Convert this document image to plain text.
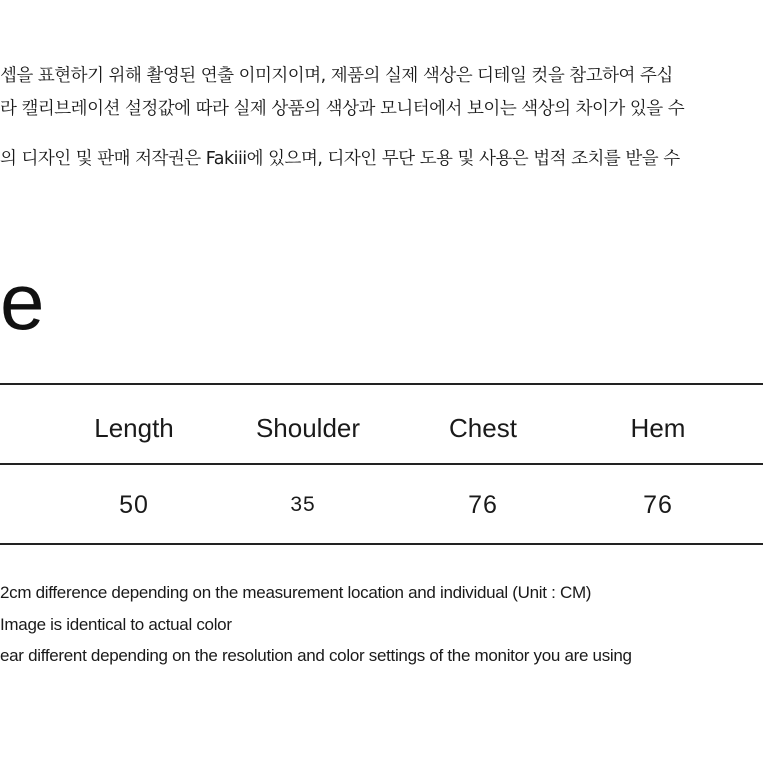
셉을 표현하기 위해 촬영된 연출 이미지이며, 제품의 실제 색상은 디테일 컷을 참고하여 주십
라 캘리브레이션 설정값에 따라 실제 상품의 색상과 모니터에서 보이는 색상의 차이가 있을 수
의 디자인 및 판매 저작권은 Fakiii에 있으며, 디자인 무단 도용 및 사용은 법적 조치를 받을 수
e
Length	Shoulder	Chest	Hem
50	35	76	76
2cm difference depending on the measurement location and individual (Unit : CM)
Image is identical to actual color
ear different depending on the resolution and color settings of the monitor you are using
